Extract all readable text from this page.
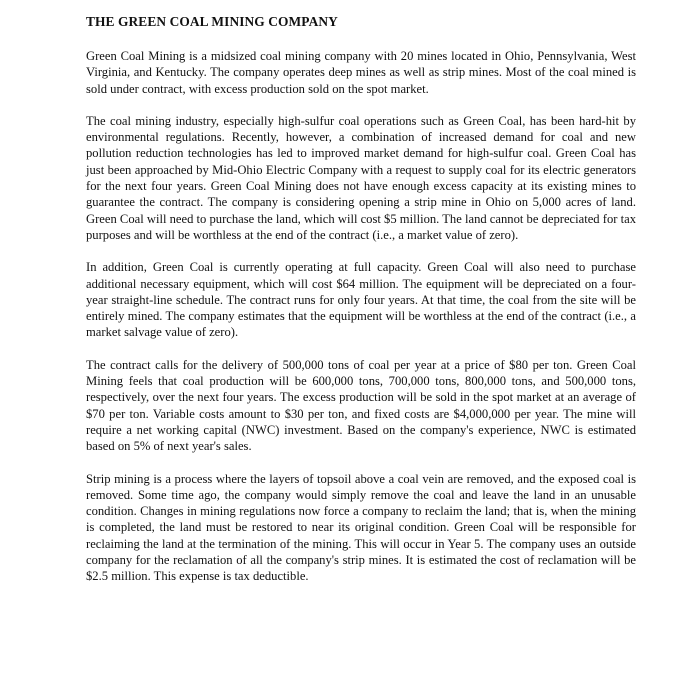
THE GREEN COAL MINING COMPANY

Green Coal Mining is a midsized coal mining company with 20 mines located in Ohio, Pennsylvania, West Virginia, and Kentucky. The company operates deep mines as well as strip mines. Most of the coal mined is sold under contract, with excess production sold on the spot market.

The coal mining industry, especially high-sulfur coal operations such as Green Coal, has been hard-hit by environmental regulations. Recently, however, a combination of increased demand for coal and new pollution reduction technologies has led to improved market demand for high-sulfur coal. Green Coal has just been approached by Mid-Ohio Electric Company with a request to supply coal for its electric generators for the next four years. Green Coal Mining does not have enough excess capacity at its existing mines to guarantee the contract. The company is considering opening a strip mine in Ohio on 5,000 acres of land. Green Coal will need to purchase the land, which will cost $5 million. The land cannot be depreciated for tax purposes and will be worthless at the end of the contract (i.e., a market value of zero).

In addition, Green Coal is currently operating at full capacity. Green Coal will also need to purchase additional necessary equipment, which will cost $64 million. The equipment will be depreciated on a four-year straight-line schedule. The contract runs for only four years. At that time, the coal from the site will be entirely mined. The company estimates that the equipment will be worthless at the end of the contract (i.e., a market salvage value of zero).

The contract calls for the delivery of 500,000 tons of coal per year at a price of $80 per ton. Green Coal Mining feels that coal production will be 600,000 tons, 700,000 tons, 800,000 tons, and 500,000 tons, respectively, over the next four years. The excess production will be sold in the spot market at an average of $70 per ton. Variable costs amount to $30 per ton, and fixed costs are $4,000,000 per year. The mine will require a net working capital (NWC) investment. Based on the company's experience, NWC is estimated based on 5% of next year's sales.

Strip mining is a process where the layers of topsoil above a coal vein are removed, and the exposed coal is removed. Some time ago, the company would simply remove the coal and leave the land in an unusable condition. Changes in mining regulations now force a company to reclaim the land; that is, when the mining is completed, the land must be restored to near its original condition. Green Coal will be responsible for reclaiming the land at the termination of the mining. This will occur in Year 5. The company uses an outside company for the reclamation of all the company's strip mines. It is estimated the cost of reclamation will be $2.5 million. This expense is tax deductible.
